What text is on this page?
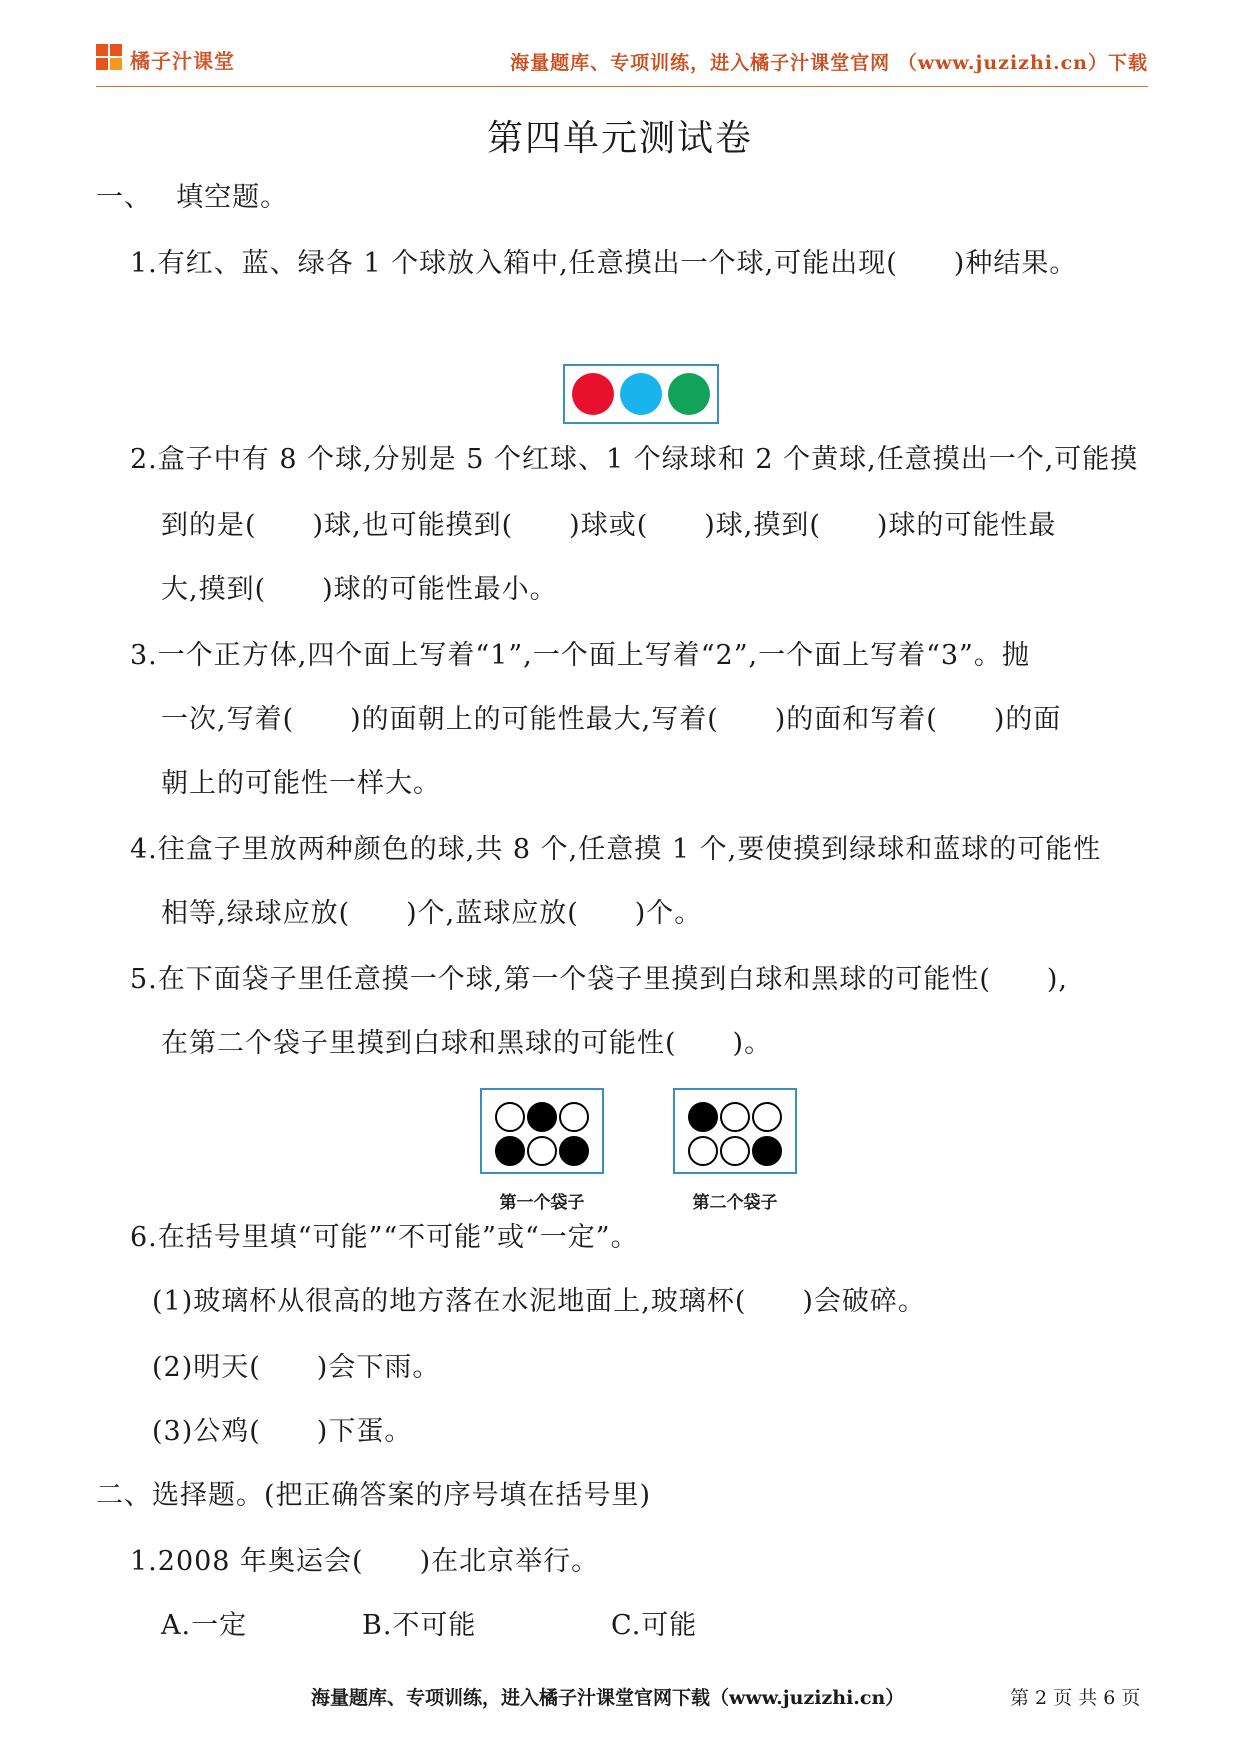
橘子汁课堂	海量题库、专项训练，进入橘子汁课堂官网 （www.juzizhi.cn）下载
第四单元测试卷
一、　 填空题。
1.有红、蓝、绿各 1 个球放入箱中,任意摸出一个球,可能出现(　　)种结果。
2.盒子中有 8 个球,分别是 5 个红球、1 个绿球和 2 个黄球,任意摸出一个,可能摸
到的是(　　)球,也可能摸到(　　)球或(　　)球,摸到(　　)球的可能性最
大,摸到(　　)球的可能性最小。
3.一个正方体,四个面上写着“1”,一个面上写着“2”,一个面上写着“3”。抛
一次,写着(　　)的面朝上的可能性最大,写着(　　)的面和写着(　　)的面
朝上的可能性一样大。
4.往盒子里放两种颜色的球,共 8 个,任意摸 1 个,要使摸到绿球和蓝球的可能性
相等,绿球应放(　　)个,蓝球应放(　　)个。
5.在下面袋子里任意摸一个球,第一个袋子里摸到白球和黑球的可能性(　　),
在第二个袋子里摸到白球和黑球的可能性(　　)。
第一个袋子	第二个袋子
6.在括号里填“可能”“不可能”或“一定”。
(1)玻璃杯从很高的地方落在水泥地面上,玻璃杯(　　)会破碎。
(2)明天(　　)会下雨。
(3)公鸡(　　)下蛋。
二、选择题。(把正确答案的序号填在括号里)
1.2008 年奥运会(　　)在北京举行。
A.一定	B.不可能	C.可能
海量题库、专项训练，进入橘子汁课堂官网下载（www.juzizhi.cn）	第 2 页 共 6 页
